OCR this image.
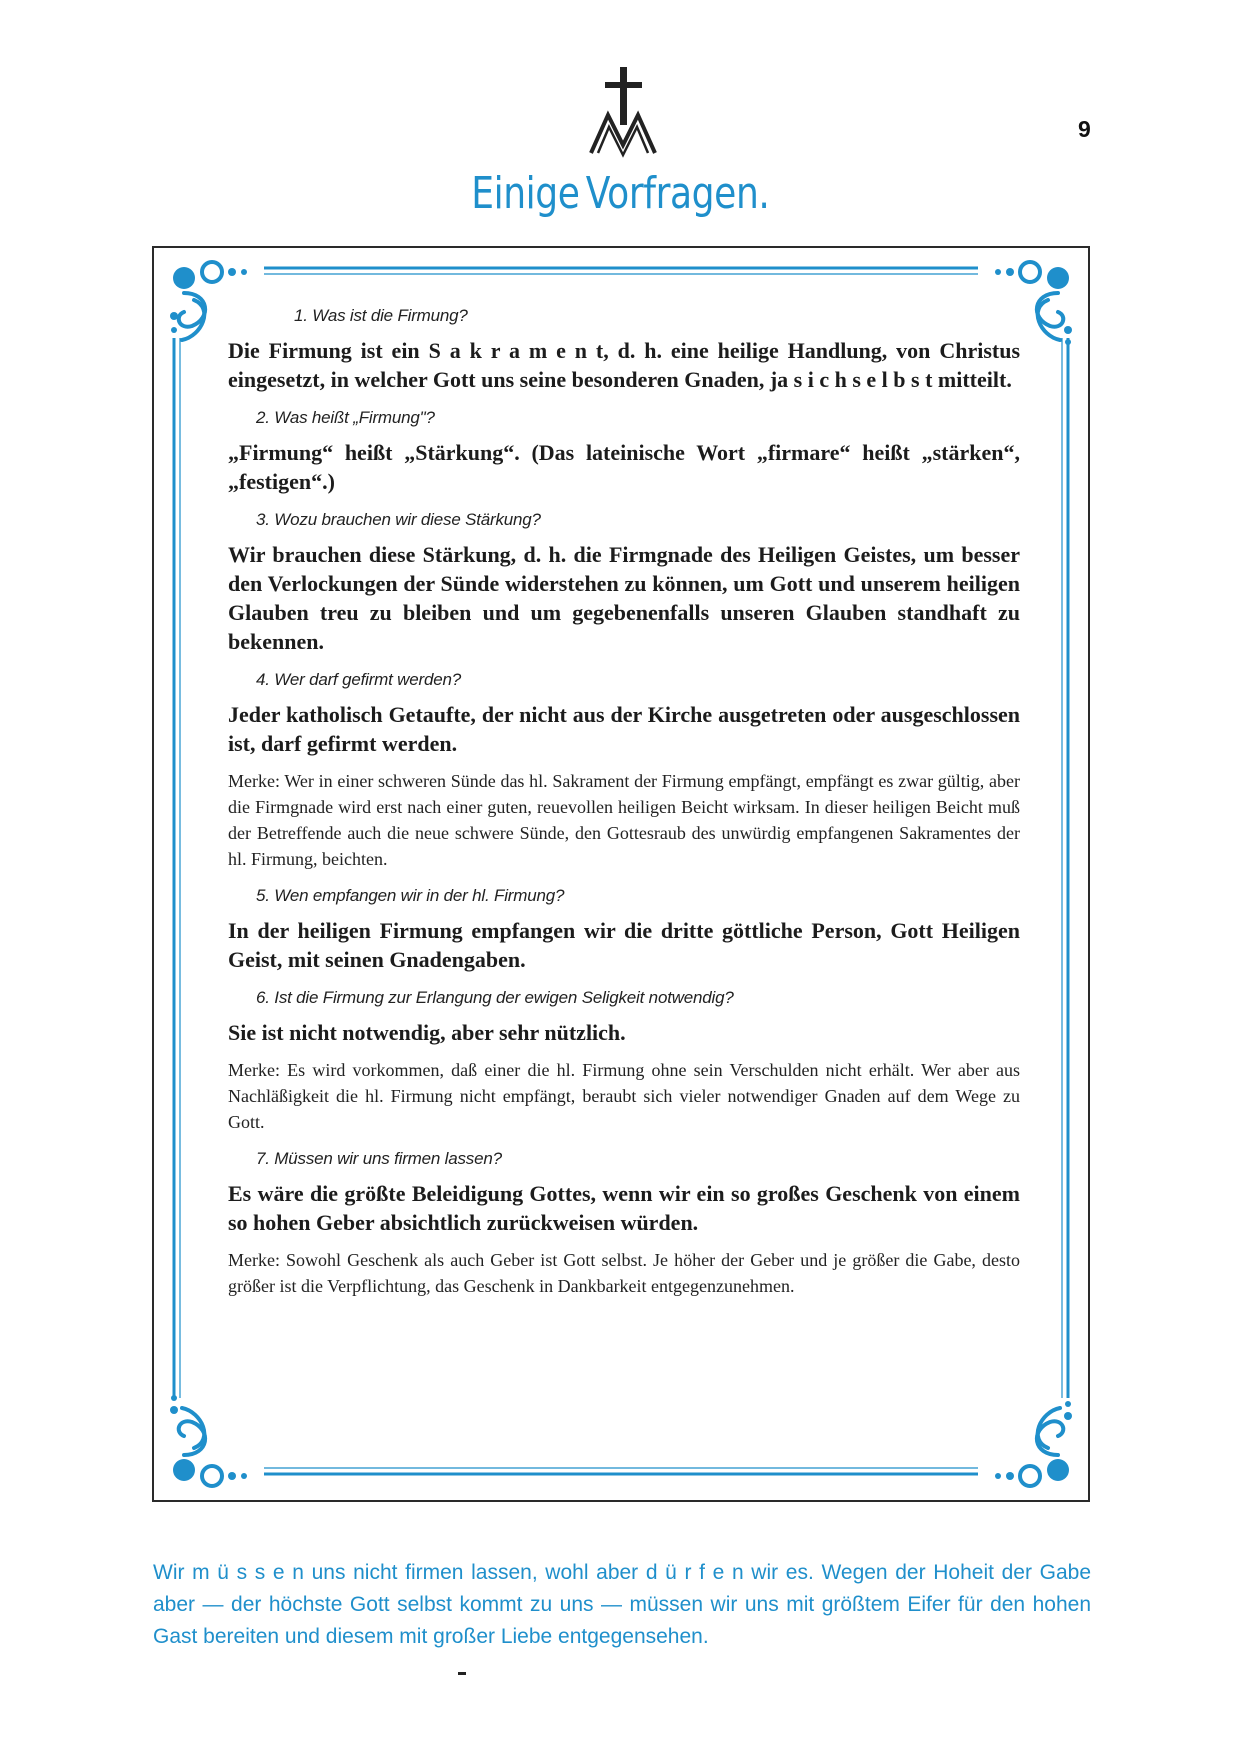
9
Einige Vorfragen.

1. Was ist die Firmung?

Die Firmung ist ein S a k r a m e n t, d. h. eine heilige Handlung, von Christus eingesetzt, in welcher Gott uns seine besonderen Gnaden, ja s i c h s e l b s t mitteilt.

2. Was heißt „Firmung"?

„Firmung“ heißt „Stärkung“. (Das lateinische Wort „firmare“ heißt „stärken“, „festigen“.)

3. Wozu brauchen wir diese Stärkung?

Wir brauchen diese Stärkung, d. h. die Firmgnade des Heiligen Geistes, um besser den Verlockungen der Sünde widerstehen zu können, um Gott und unserem heiligen Glauben treu zu bleiben und um gegebenenfalls unseren Glauben standhaft zu bekennen.

4. Wer darf gefirmt werden?

Jeder katholisch Getaufte, der nicht aus der Kirche ausgetreten oder ausgeschlossen ist, darf gefirmt werden.

Merke: Wer in einer schweren Sünde das hl. Sakrament der Firmung empfängt, empfängt es zwar gültig, aber die Firmgnade wird erst nach einer guten, reuevollen heiligen Beicht wirksam. In dieser heiligen Beicht muß der Betreffende auch die neue schwere Sünde, den Gottesraub des unwürdig empfangenen Sakramentes der hl. Firmung, beichten.

5. Wen empfangen wir in der hl. Firmung?

In der heiligen Firmung empfangen wir die dritte göttliche Person, Gott Heiligen Geist, mit seinen Gnadengaben.

6. Ist die Firmung zur Erlangung der ewigen Seligkeit notwendig?

Sie ist nicht notwendig, aber sehr nützlich.

Merke: Es wird vorkommen, daß einer die hl. Firmung ohne sein Verschulden nicht erhält. Wer aber aus Nachläßigkeit die hl. Firmung nicht empfängt, beraubt sich vieler notwendiger Gnaden auf dem Wege zu Gott.

7. Müssen wir uns firmen lassen?

Es wäre die größte Beleidigung Gottes, wenn wir ein so großes Geschenk von einem so hohen Geber absichtlich zurückweisen würden.

Merke: Sowohl Geschenk als auch Geber ist Gott selbst. Je höher der Geber und je größer die Gabe, desto größer ist die Verpflichtung, das Geschenk in Dankbarkeit entgegenzunehmen.

Wir m ü s s e n uns nicht firmen lassen, wohl aber d ü r f e n wir es. Wegen der Hoheit der Gabe aber — der höchste Gott selbst kommt zu uns — müssen wir uns mit größtem Eifer für den hohen Gast bereiten und diesem mit großer Liebe entgegensehen.
